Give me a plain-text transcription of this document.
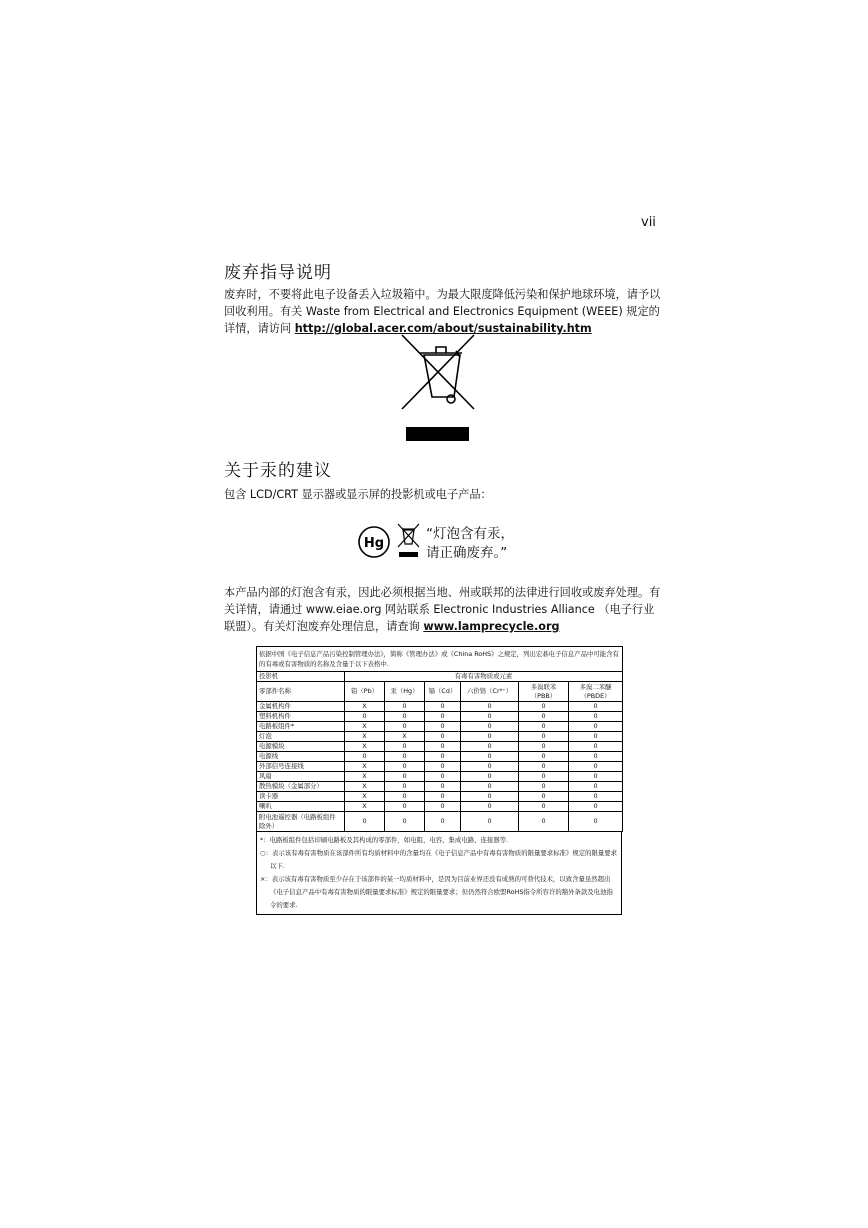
vii
废弃指导说明
废弃时，不要将此电子设备丢入垃圾箱中。为最大限度降低污染和保护地球环境，请予以回收利用。有关 Waste from Electrical and Electronics Equipment (WEEE) 规定的详情，请访问 http://global.acer.com/about/sustainability.htm
关于汞的建议
包含 LCD/CRT 显示器或显示屏的投影机或电子产品：
Hg
“灯泡含有汞，
请正确废弃。”
本产品内部的灯泡含有汞，因此必须根据当地、州或联邦的法律进行回收或废弃处理。有关详情，请通过 www.eiae.org 网站联系 Electronic Industries Alliance （电子行业联盟）。有关灯泡废弃处理信息，请查询 www.lamprecycle.org
依据中国《电子信息产品污染控制管理办法》，简称《管理办法》或《China RoHS》之规定，列出宏碁电子信息产品中可能含有的有毒或有害物质的名称及含量于以下表格中.						
投影机	有毒有害物质或元素					
零部件名称	铅（Pb）	汞（Hg）	镉（Cd）	六价铬（Cr⁶⁺）	多溴联苯（PBB）	多溴二苯醚（PBDE）
金属机构件	X	0	0	0	0	0
塑料机构件	0	0	0	0	0	0
电路板组件*	X	0	0	0	0	0
灯泡	X	X	0	0	0	0
电源模块	X	0	0	0	0	0
电源线	0	0	0	0	0	0
外部信号连接线	X	0	0	0	0	0
风扇	X	0	0	0	0	0
散热模块（金属部分）	X	0	0	0	0	0
读卡器	X	0	0	0	0	0
喇叭	X	0	0	0	0	0
附电池遥控器（电路板组件除外）	0	0	0	0	0	0
*：电路板组件包括印刷电路板及其构成的零部件，如电阻、电容、集成电路、连接器等.
○：表示该有毒有害物质在该部件所有均质材料中的含量均在《电子信息产品中有毒有害物质的限量要求标准》规定的限量要求以下.
×：表示该有毒有害物质至少存在于该部件的某一均质材料中，是因为目前业界还没有成熟的可替代技术，以致含量虽然超出《电子信息产品中有毒有害物质的限量要求标准》规定的限量要求；但仍然符合欧盟RoHS指令所容许的豁外条款及电池指令的要求.
